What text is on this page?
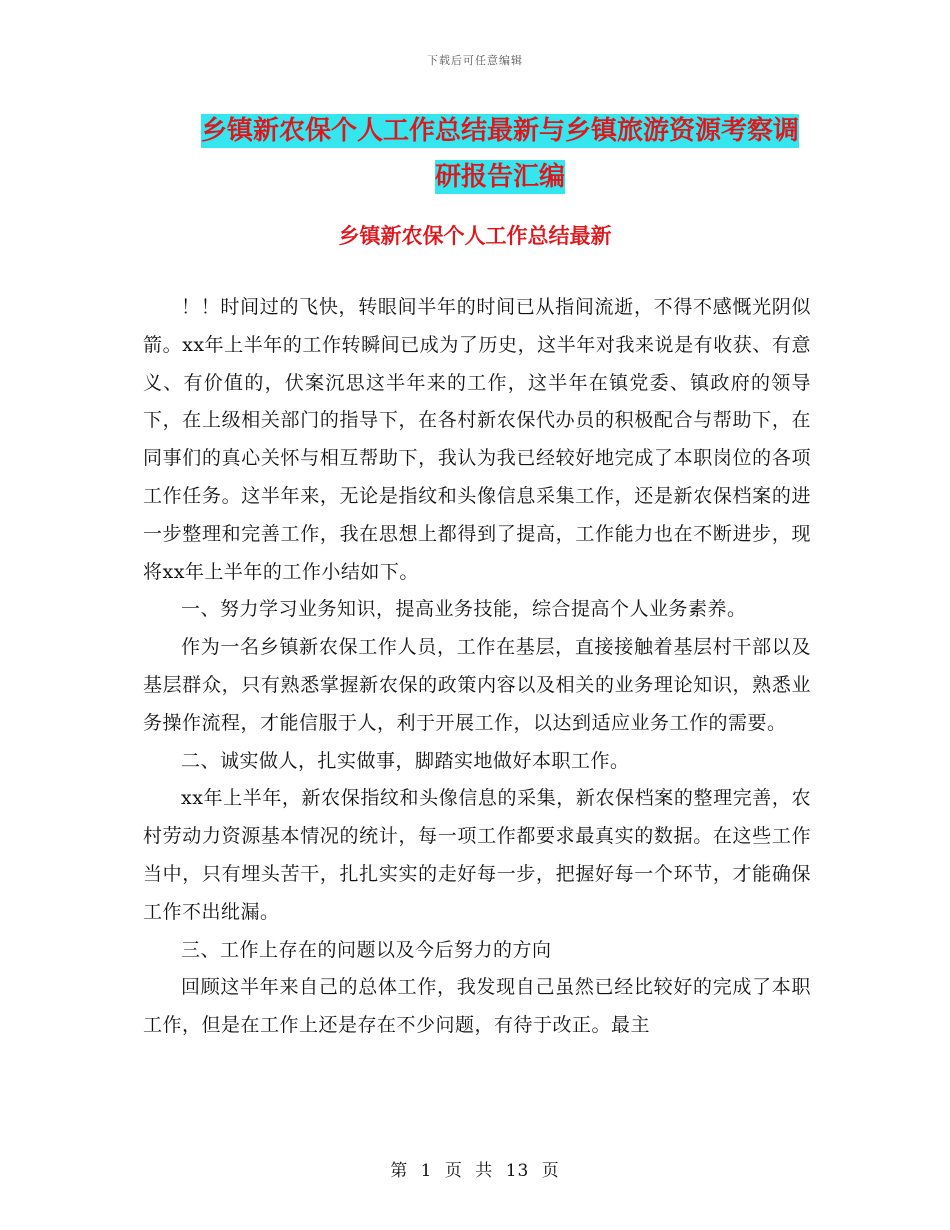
下载后可任意编辑
乡镇新农保个人工作总结最新与乡镇旅游资源考察调
研报告汇编
乡镇新农保个人工作总结最新

！！时间过的飞快，转眼间半年的时间已从指间流逝，不得不感慨光阴似箭。xx年上半年的工作转瞬间已成为了历史，这半年对我来说是有收获、有意义、有价值的，伏案沉思这半年来的工作，这半年在镇党委、镇政府的领导下，在上级相关部门的指导下，在各村新农保代办员的积极配合与帮助下，在同事们的真心关怀与相互帮助下，我认为我已经较好地完成了本职岗位的各项工作任务。这半年来，无论是指纹和头像信息采集工作，还是新农保档案的进一步整理和完善工作，我在思想上都得到了提高，工作能力也在不断进步，现将xx年上半年的工作小结如下。

一、努力学习业务知识，提高业务技能，综合提高个人业务素养。

作为一名乡镇新农保工作人员，工作在基层，直接接触着基层村干部以及基层群众，只有熟悉掌握新农保的政策内容以及相关的业务理论知识，熟悉业务操作流程，才能信服于人，利于开展工作，以达到适应业务工作的需要。

二、诚实做人，扎实做事，脚踏实地做好本职工作。

xx年上半年，新农保指纹和头像信息的采集，新农保档案的整理完善，农村劳动力资源基本情况的统计，每一项工作都要求最真实的数据。在这些工作当中，只有埋头苦干，扎扎实实的走好每一步，把握好每一个环节，才能确保工作不出纰漏。

三、工作上存在的问题以及今后努力的方向

回顾这半年来自己的总体工作，我发现自己虽然已经比较好的完成了本职工作，但是在工作上还是存在不少问题，有待于改正。最主

第 1 页 共 13 页
